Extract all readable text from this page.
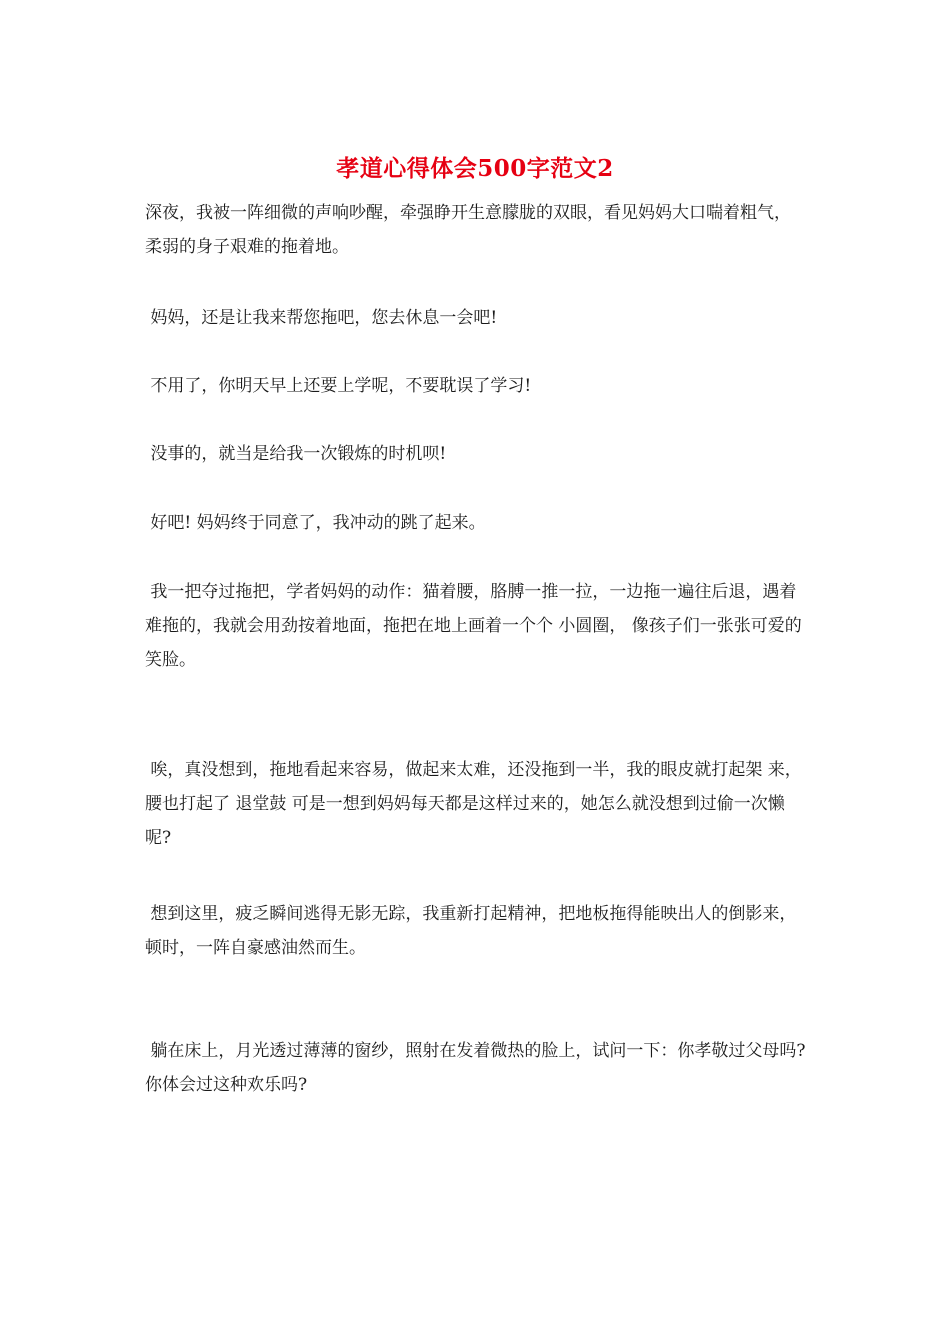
孝道心得体会500字范文2

深夜，我被一阵细微的声响吵醒，牵强睁开生意朦胧的双眼，看见妈妈大口喘着粗气，柔弱的身子艰难的拖着地。

妈妈，还是让我来帮您拖吧，您去休息一会吧!

不用了，你明天早上还要上学呢，不要耽误了学习!

没事的，就当是给我一次锻炼的时机呗!

好吧! 妈妈终于同意了，我冲动的跳了起来。

我一把夺过拖把，学者妈妈的动作：猫着腰，胳膊一推一拉，一边拖一遍往后退，遇着难拖的，我就会用劲按着地面，拖把在地上画着一个个 小圆圈， 像孩子们一张张可爱的笑脸。

唉，真没想到，拖地看起来容易，做起来太难，还没拖到一半，我的眼皮就打起架 来，腰也打起了 退堂鼓 可是一想到妈妈每天都是这样过来的，她怎么就没想到过偷一次懒呢?

想到这里，疲乏瞬间逃得无影无踪，我重新打起精神，把地板拖得能映出人的倒影来，顿时，一阵自豪感油然而生。

躺在床上，月光透过薄薄的窗纱，照射在发着微热的脸上，试问一下：你孝敬过父母吗?你体会过这种欢乐吗?
